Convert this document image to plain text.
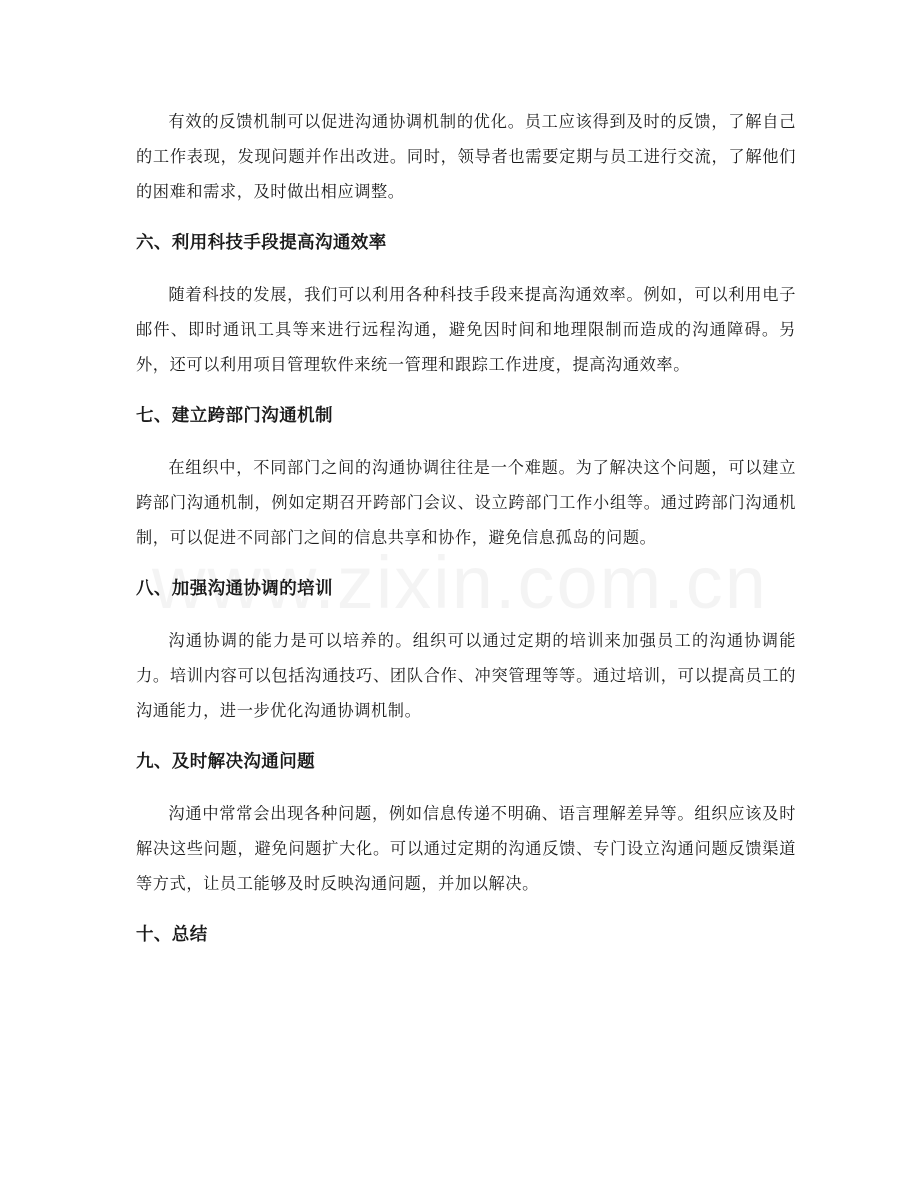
有效的反馈机制可以促进沟通协调机制的优化。员工应该得到及时的反馈，了解自己的工作表现，发现问题并作出改进。同时，领导者也需要定期与员工进行交流，了解他们的困难和需求，及时做出相应调整。

六、利用科技手段提高沟通效率

随着科技的发展，我们可以利用各种科技手段来提高沟通效率。例如，可以利用电子邮件、即时通讯工具等来进行远程沟通，避免因时间和地理限制而造成的沟通障碍。另外，还可以利用项目管理软件来统一管理和跟踪工作进度，提高沟通效率。

七、建立跨部门沟通机制

在组织中，不同部门之间的沟通协调往往是一个难题。为了解决这个问题，可以建立跨部门沟通机制，例如定期召开跨部门会议、设立跨部门工作小组等。通过跨部门沟通机制，可以促进不同部门之间的信息共享和协作，避免信息孤岛的问题。

八、加强沟通协调的培训

沟通协调的能力是可以培养的。组织可以通过定期的培训来加强员工的沟通协调能力。培训内容可以包括沟通技巧、团队合作、冲突管理等等。通过培训，可以提高员工的沟通能力，进一步优化沟通协调机制。

九、及时解决沟通问题

沟通中常常会出现各种问题，例如信息传递不明确、语言理解差异等。组织应该及时解决这些问题，避免问题扩大化。可以通过定期的沟通反馈、专门设立沟通问题反馈渠道等方式，让员工能够及时反映沟通问题，并加以解决。

十、总结
